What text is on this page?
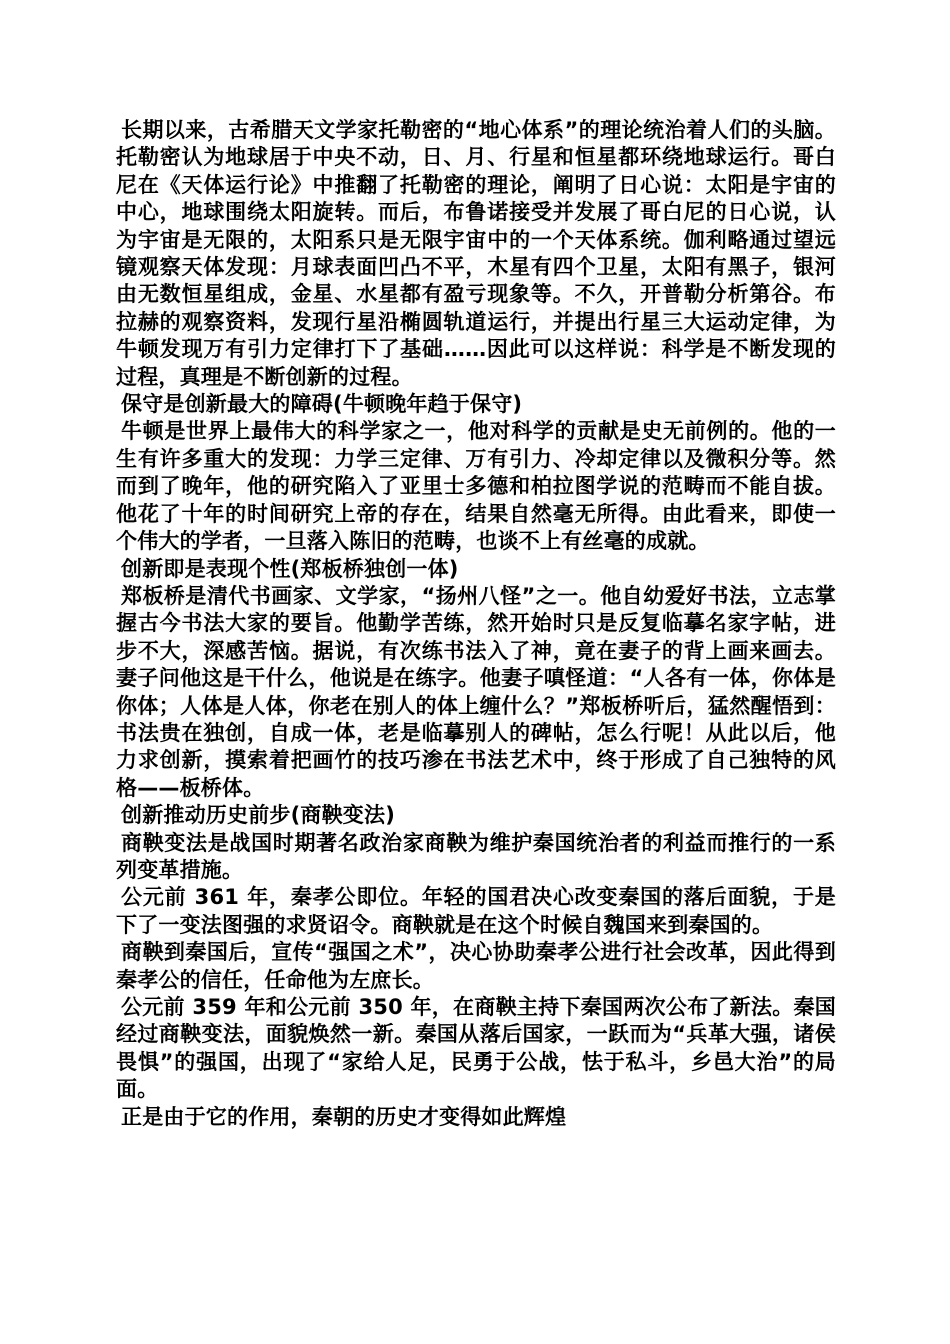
长期以来，古希腊天文学家托勒密的“地心体系”的理论统治着人们的头脑。托勒密认为地球居于中央不动，日、月、行星和恒星都环绕地球运行。哥白尼在《天体运行论》中推翻了托勒密的理论，阐明了日心说：太阳是宇宙的中心，地球围绕太阳旋转。而后，布鲁诺接受并发展了哥白尼的日心说，认为宇宙是无限的，太阳系只是无限宇宙中的一个天体系统。伽利略通过望远镜观察天体发现：月球表面凹凸不平，木星有四个卫星，太阳有黑子，银河由无数恒星组成，金星、水星都有盈亏现象等。不久，开普勒分析第谷。布拉赫的观察资料，发现行星沿椭圆轨道运行，并提出行星三大运动定律，为牛顿发现万有引力定律打下了基础……因此可以这样说：科学是不断发现的过程，真理是不断创新的过程。

保守是创新最大的障碍(牛顿晚年趋于保守)

牛顿是世界上最伟大的科学家之一，他对科学的贡献是史无前例的。他的一生有许多重大的发现：力学三定律、万有引力、冷却定律以及微积分等。然而到了晚年，他的研究陷入了亚里士多德和柏拉图学说的范畴而不能自拔。他花了十年的时间研究上帝的存在，结果自然毫无所得。由此看来，即使一个伟大的学者，一旦落入陈旧的范畴，也谈不上有丝毫的成就。

创新即是表现个性(郑板桥独创一体)

郑板桥是清代书画家、文学家，“扬州八怪”之一。他自幼爱好书法，立志掌握古今书法大家的要旨。他勤学苦练，然开始时只是反复临摹名家字帖，进步不大，深感苦恼。据说，有次练书法入了神，竟在妻子的背上画来画去。妻子问他这是干什么，他说是在练字。他妻子嗔怪道：“人各有一体，你体是你体；人体是人体，你老在别人的体上缠什么？”郑板桥听后，猛然醒悟到：书法贵在独创，自成一体，老是临摹别人的碑帖，怎么行呢！从此以后，他力求创新，摸索着把画竹的技巧渗在书法艺术中，终于形成了自己独特的风格——板桥体。

创新推动历史前步(商鞅变法)

商鞅变法是战国时期著名政治家商鞅为维护秦国统治者的利益而推行的一系列变革措施。

公元前 361 年，秦孝公即位。年轻的国君决心改变秦国的落后面貌，于是下了一变法图强的求贤诏令。商鞅就是在这个时候自魏国来到秦国的。

商鞅到秦国后，宣传“强国之术”，决心协助秦孝公进行社会改革，因此得到秦孝公的信任，任命他为左庶长。

公元前 359 年和公元前 350 年，在商鞅主持下秦国两次公布了新法。秦国经过商鞅变法，面貌焕然一新。秦国从落后国家，一跃而为“兵革大强，诸侯畏惧”的强国，出现了“家给人足，民勇于公战，怯于私斗，乡邑大治”的局面。

正是由于它的作用，秦朝的历史才变得如此辉煌
